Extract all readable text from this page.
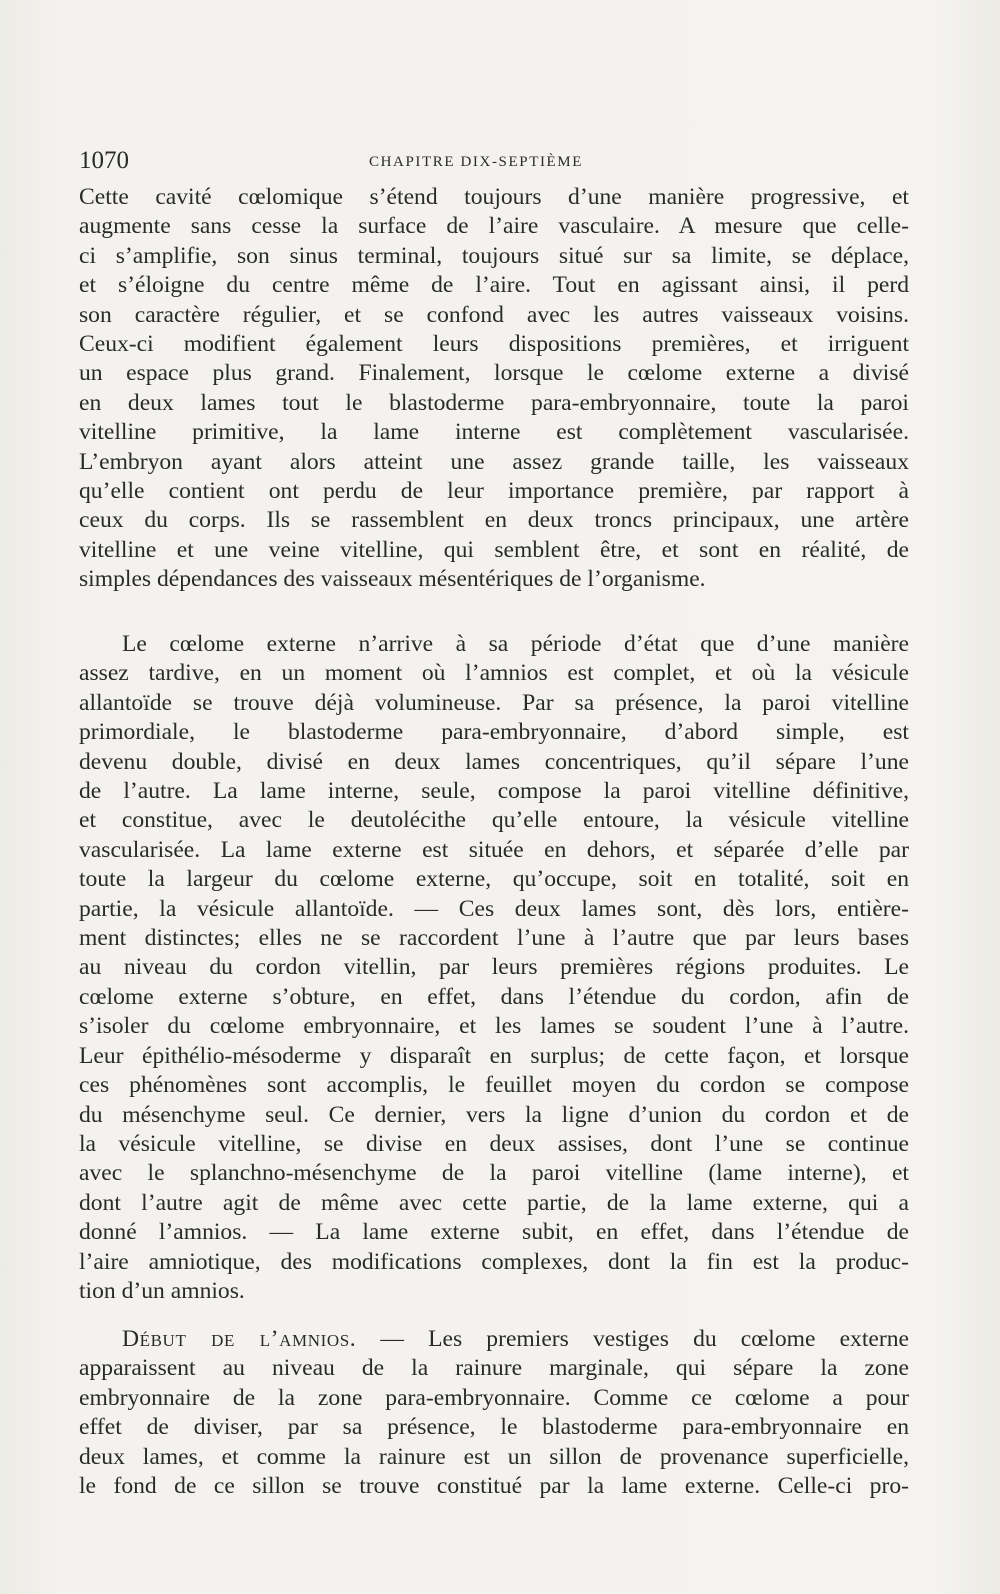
1070	CHAPITRE DIX-SEPTIÈME
Cette cavité cœlomique s’étend toujours d’une manière progressive, et
augmente sans cesse la surface de l’aire vasculaire. A mesure que celle-
ci s’amplifie, son sinus terminal, toujours situé sur sa limite, se déplace,
et s’éloigne du centre même de l’aire. Tout en agissant ainsi, il perd
son caractère régulier, et se confond avec les autres vaisseaux voisins.
Ceux-ci modifient également leurs dispositions premières, et irriguent
un espace plus grand. Finalement, lorsque le cœlome externe a divisé
en deux lames tout le blastoderme para-embryonnaire, toute la paroi
vitelline primitive, la lame interne est complètement vascularisée.
L’embryon ayant alors atteint une assez grande taille, les vaisseaux
qu’elle contient ont perdu de leur importance première, par rapport à
ceux du corps. Ils se rassemblent en deux troncs principaux, une artère
vitelline et une veine vitelline, qui semblent être, et sont en réalité, de
simples dépendances des vaisseaux mésentériques de l’organisme.
Le cœlome externe n’arrive à sa période d’état que d’une manière
assez tardive, en un moment où l’amnios est complet, et où la vésicule
allantoïde se trouve déjà volumineuse. Par sa présence, la paroi vitelline
primordiale, le blastoderme para-embryonnaire, d’abord simple, est
devenu double, divisé en deux lames concentriques, qu’il sépare l’une
de l’autre. La lame interne, seule, compose la paroi vitelline définitive,
et constitue, avec le deutolécithe qu’elle entoure, la vésicule vitelline
vascularisée. La lame externe est située en dehors, et séparée d’elle par
toute la largeur du cœlome externe, qu’occupe, soit en totalité, soit en
partie, la vésicule allantoïde. — Ces deux lames sont, dès lors, entière-
ment distinctes; elles ne se raccordent l’une à l’autre que par leurs bases
au niveau du cordon vitellin, par leurs premières régions produites. Le
cœlome externe s’obture, en effet, dans l’étendue du cordon, afin de
s’isoler du cœlome embryonnaire, et les lames se soudent l’une à l’autre.
Leur épithélio-mésoderme y disparaît en surplus; de cette façon, et lorsque
ces phénomènes sont accomplis, le feuillet moyen du cordon se compose
du mésenchyme seul. Ce dernier, vers la ligne d’union du cordon et de
la vésicule vitelline, se divise en deux assises, dont l’une se continue
avec le splanchno-mésenchyme de la paroi vitelline (lame interne), et
dont l’autre agit de même avec cette partie, de la lame externe, qui a
donné l’amnios. — La lame externe subit, en effet, dans l’étendue de
l’aire amniotique, des modifications complexes, dont la fin est la produc-
tion d’un amnios.
Début de l’amnios. — Les premiers vestiges du cœlome externe
apparaissent au niveau de la rainure marginale, qui sépare la zone
embryonnaire de la zone para-embryonnaire. Comme ce cœlome a pour
effet de diviser, par sa présence, le blastoderme para-embryonnaire en
deux lames, et comme la rainure est un sillon de provenance superficielle,
le fond de ce sillon se trouve constitué par la lame externe. Celle-ci pro-
